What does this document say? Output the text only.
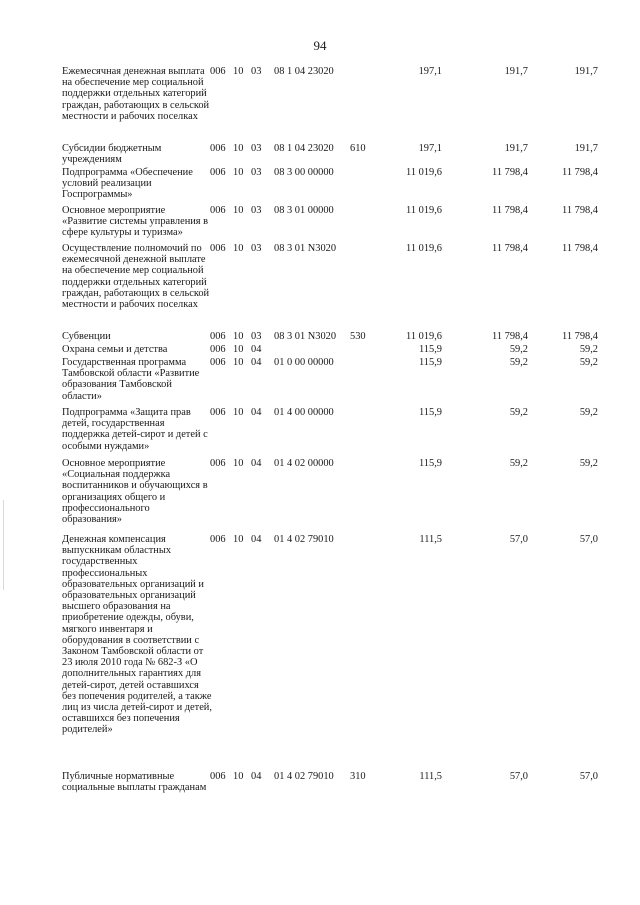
94
Ежемесячная денежная выплата на обеспечение мер социальной поддержки отдельных категорий граждан, работающих в сельской местности и рабочих поселках
006 10 03 08 1 04 23020	197,1	191,7	191,7
Субсидии бюджетным учреждениям
006 10 03 08 1 04 23020 610	197,1	191,7	191,7
Подпрограмма «Обеспечение условий реализации Госпрограммы»
006 10 03 08 3 00 00000	11 019,6	11 798,4	11 798,4
Основное мероприятие «Развитие системы управления в сфере культуры и туризма»
006 10 03 08 3 01 00000	11 019,6	11 798,4	11 798,4
Осуществление полномочий по ежемесячной денежной выплате на обеспечение мер социальной поддержки отдельных категорий граждан, работающих в сельской местности и рабочих поселках
006 10 03 08 3 01 N3020	11 019,6	11 798,4	11 798,4
Субвенции	006 10 03 08 3 01 N3020 530	11 019,6	11 798,4	11 798,4
Охрана семьи и детства	006 10 04	115,9	59,2	59,2
Государственная программа Тамбовской области «Развитие образования Тамбовской области»
006 10 04 01 0 00 00000	115,9	59,2	59,2
Подпрограмма «Защита прав детей, государственная поддержка детей-сирот и детей с особыми нуждами»
006 10 04 01 4 00 00000	115,9	59,2	59,2
Основное мероприятие «Социальная поддержка воспитанников и обучающихся в организациях общего и профессионального образования»
006 10 04 01 4 02 00000	115,9	59,2	59,2
Денежная компенсация выпускникам областных государственных профессиональных образовательных организаций и образовательных организаций высшего образования на приобретение одежды, обуви, мягкого инвентаря и оборудования в соответствии с Законом Тамбовской области от 23 июля 2010 года № 682-З «О дополнительных гарантиях для детей-сирот, детей оставшихся без попечения родителей, а также лиц из числа детей-сирот и детей, оставшихся без попечения родителей»
006 10 04 01 4 02 79010	111,5	57,0	57,0
Публичные нормативные социальные выплаты гражданам
006 10 04 01 4 02 79010 310	111,5	57,0	57,0
